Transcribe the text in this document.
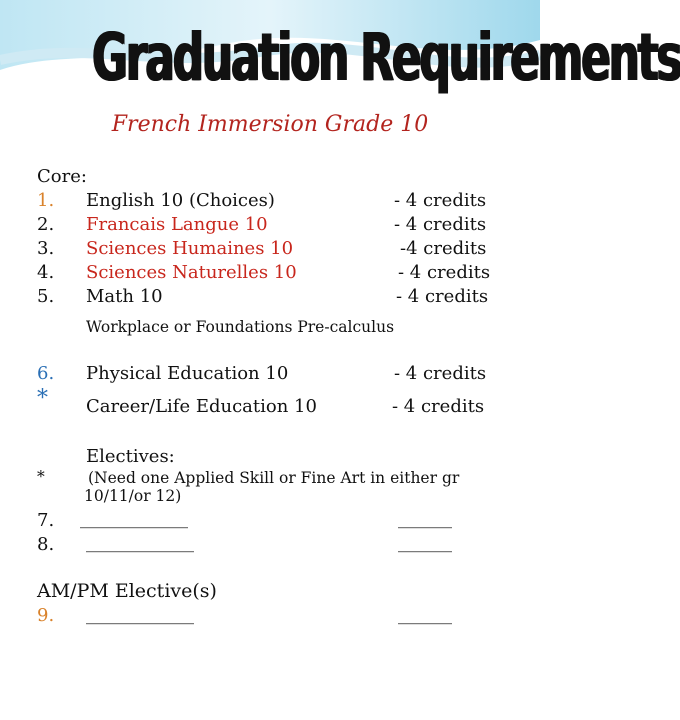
Graduation Requirements
French Immersion Grade 10
Core:
1. English 10 (Choices)	- 4 credits
2. Francais Langue 10	- 4 credits
3. Sciences Humaines 10	-4 credits
4. Sciences Naturelles 10	- 4 credits
5. Math 10	- 4 credits
Workplace or Foundations Pre-calculus
6. Physical Education 10	- 4 credits
* Career/Life Education 10	- 4 credits
Electives:
*	(Need one Applied Skill or Fine Art in either gr
10/11/or 12)
7. ____________	______
8. ____________	______
AM/PM Elective(s)
9. ____________	______
